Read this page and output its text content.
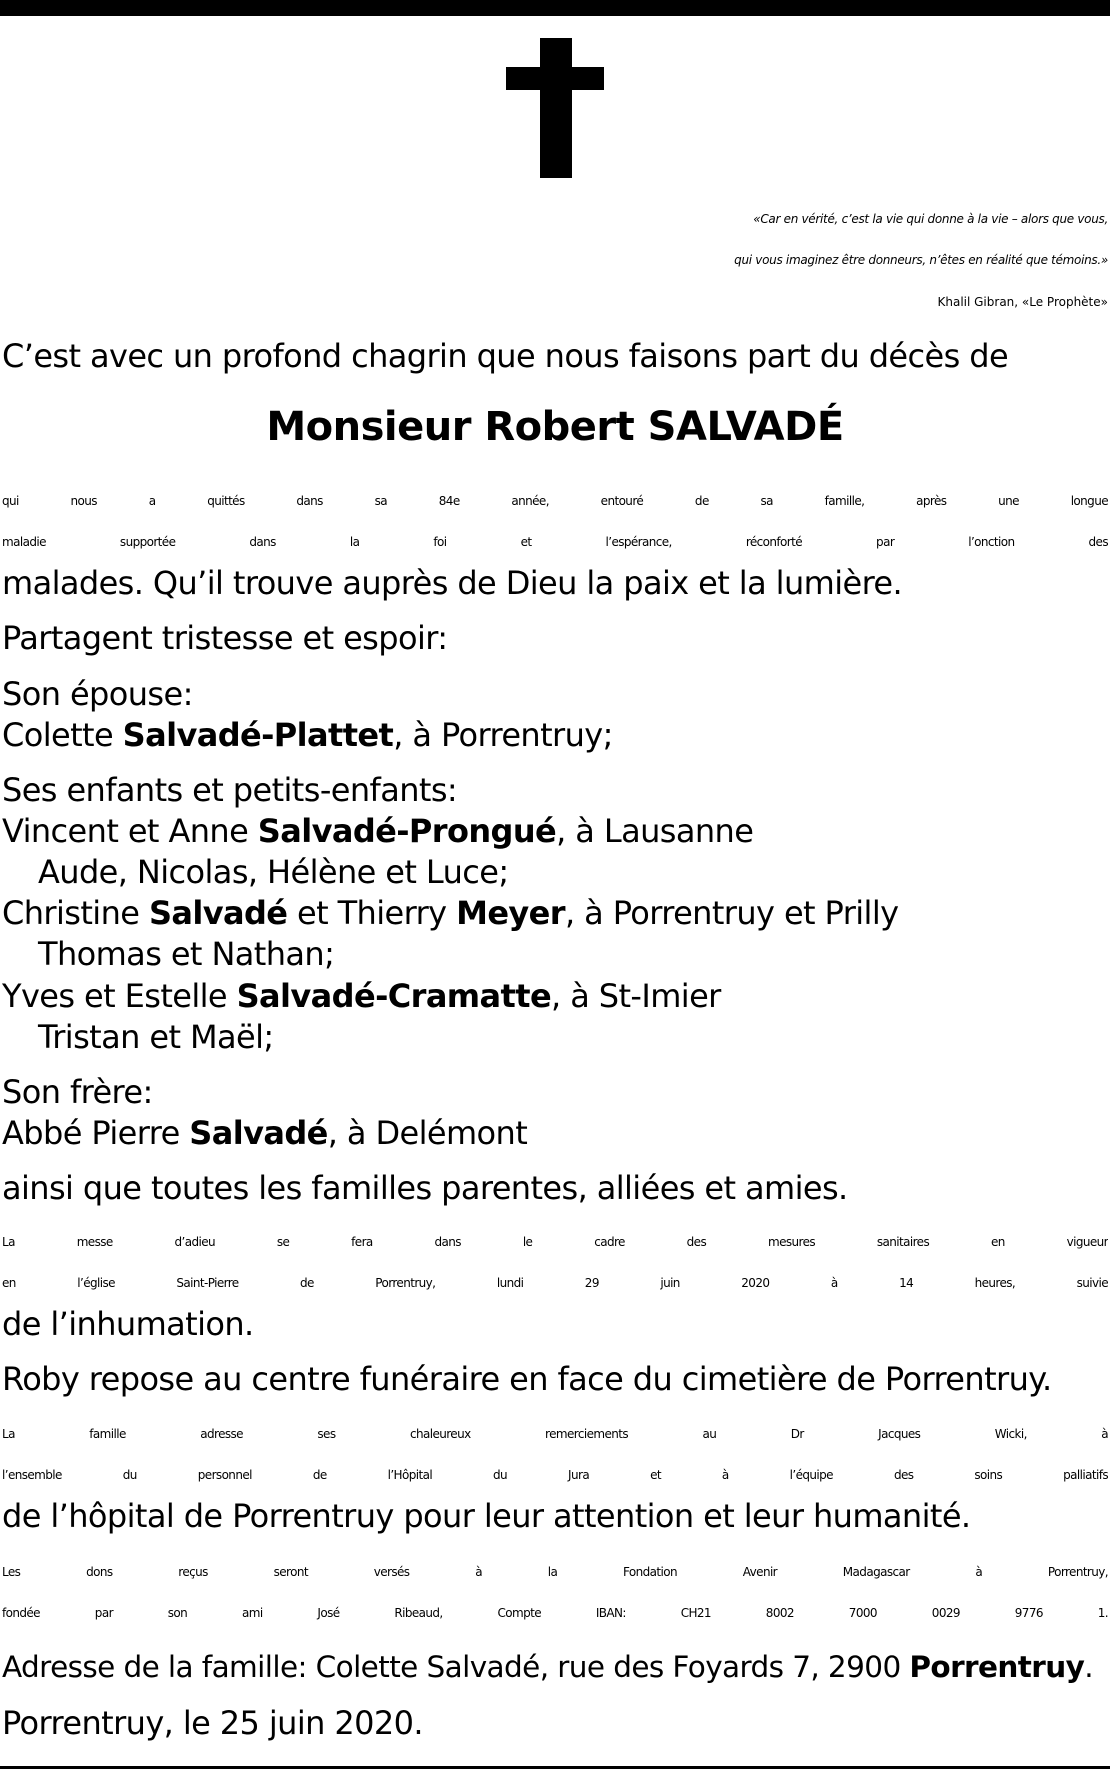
«Car en vérité, c’est la vie qui donne à la vie – alors que vous,
qui vous imaginez être donneurs, n’êtes en réalité que témoins.»
Khalil Gibran, «Le Prophète»
C’est avec un profond chagrin que nous faisons part du décès de
Monsieur Robert SALVADÉ
qui nous a quittés dans sa 84e année, entouré de sa famille, après une longue
maladie supportée dans la foi et l’espérance, réconforté par l’onction des
malades. Qu’il trouve auprès de Dieu la paix et la lumière.
Partagent tristesse et espoir:
Son épouse:
Colette Salvadé-Plattet, à Porrentruy;
Ses enfants et petits-enfants:
Vincent et Anne Salvadé-Prongué, à Lausanne
Aude, Nicolas, Hélène et Luce;
Christine Salvadé et Thierry Meyer, à Porrentruy et Prilly
Thomas et Nathan;
Yves et Estelle Salvadé-Cramatte, à St-Imier
Tristan et Maël;
Son frère:
Abbé Pierre Salvadé, à Delémont
ainsi que toutes les familles parentes, alliées et amies.
La messe d’adieu se fera dans le cadre des mesures sanitaires en vigueur
en l’église Saint-Pierre de Porrentruy, lundi 29 juin 2020 à 14 heures, suivie
de l’inhumation.
Roby repose au centre funéraire en face du cimetière de Porrentruy.
La famille adresse ses chaleureux remerciements au Dr Jacques Wicki, à
l’ensemble du personnel de l’Hôpital du Jura et à l’équipe des soins palliatifs
de l’hôpital de Porrentruy pour leur attention et leur humanité.
Les dons reçus seront versés à la Fondation Avenir Madagascar à Porrentruy,
fondée par son ami José Ribeaud, Compte IBAN: CH21 8002 7000 0029 9776 1.
Adresse de la famille: Colette Salvadé, rue des Foyards 7, 2900 Porrentruy.
Porrentruy, le 25 juin 2020.
